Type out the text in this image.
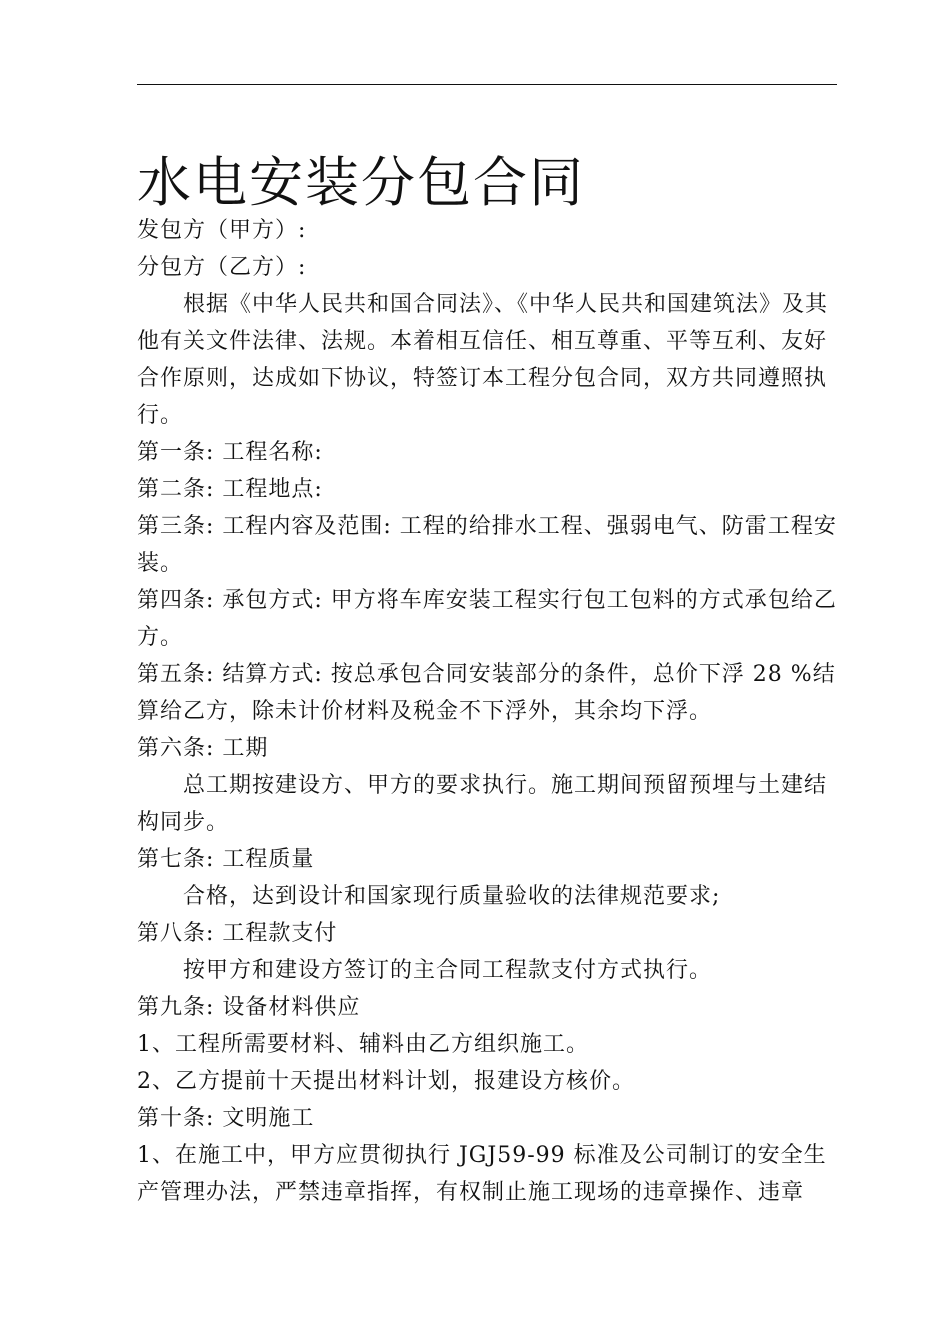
水电安装分包合同

发包方（甲方）:

分包方（乙方）:

根据《中华人民共和国合同法》、《中华人民共和国建筑法》及其他有关文件法律、法规。本着相互信任、相互尊重、平等互利、友好合作原则，达成如下协议，特签订本工程分包合同，双方共同遵照执行。

第一条: 工程名称:

第二条: 工程地点:

第三条: 工程内容及范围: 工程的给排水工程、强弱电气、防雷工程安装。

第四条: 承包方式: 甲方将车库安装工程实行包工包料的方式承包给乙方。

第五条: 结算方式: 按总承包合同安装部分的条件，总价下浮 28 %结算给乙方，除未计价材料及税金不下浮外，其余均下浮。

第六条: 工期

总工期按建设方、甲方的要求执行。施工期间预留预埋与土建结构同步。

第七条: 工程质量

合格，达到设计和国家现行质量验收的法律规范要求;

第八条: 工程款支付

按甲方和建设方签订的主合同工程款支付方式执行。

第九条: 设备材料供应

1、工程所需要材料、辅料由乙方组织施工。

2、乙方提前十天提出材料计划，报建设方核价。

第十条: 文明施工

1、在施工中，甲方应贯彻执行 JGJ59-99 标准及公司制订的安全生产管理办法，严禁违章指挥，有权制止施工现场的违章操作、违章
